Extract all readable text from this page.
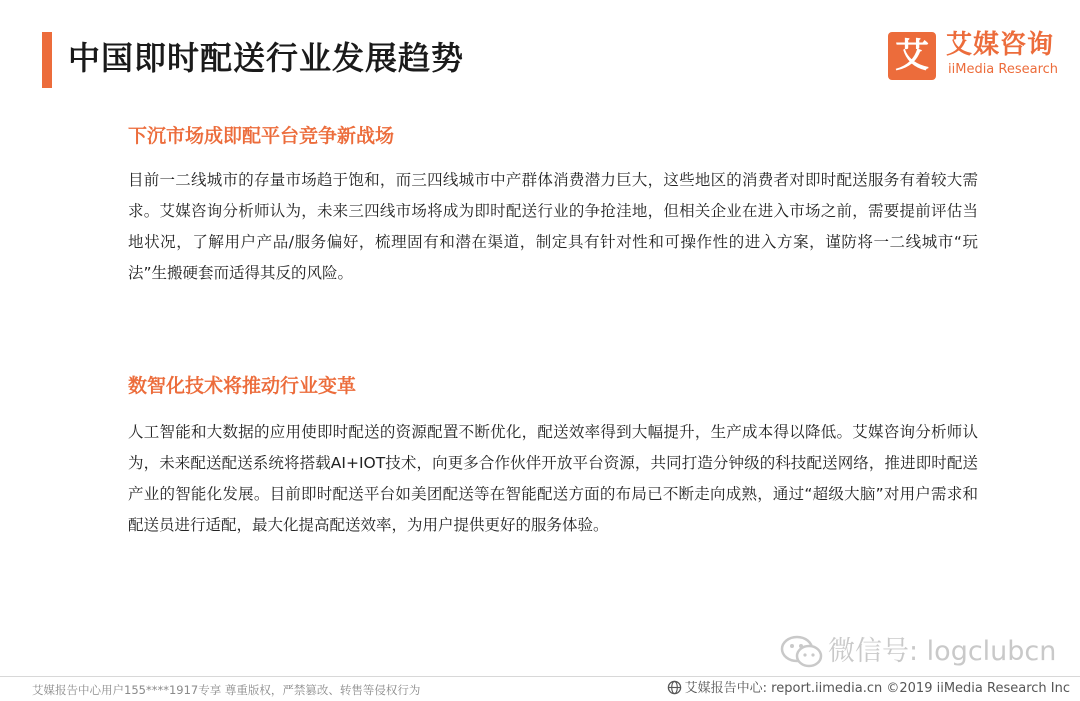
中国即时配送行业发展趋势	艾 艾媒咨询
iiMedia Research
下沉市场成即配平台竞争新战场
目前一二线城市的存量市场趋于饱和，而三四线城市中产群体消费潜力巨大，这些地区的消费者对即时配送服务有着较大需求。艾媒咨询分析师认为，未来三四线市场将成为即时配送行业的争抢洼地，但相关企业在进入市场之前，需要提前评估当地状况，了解用户产品/服务偏好，梳理固有和潜在渠道，制定具有针对性和可操作性的进入方案，谨防将一二线城市“玩法”生搬硬套而适得其反的风险。
数智化技术将推动行业变革
人工智能和大数据的应用使即时配送的资源配置不断优化，配送效率得到大幅提升，生产成本得以降低。艾媒咨询分析师认为，未来配送配送系统将搭载AI+IOT技术，向更多合作伙伴开放平台资源，共同打造分钟级的科技配送网络，推进即时配送产业的智能化发展。目前即时配送平台如美团配送等在智能配送方面的布局已不断走向成熟，通过“超级大脑”对用户需求和配送员进行适配，最大化提高配送效率，为用户提供更好的服务体验。
微信号: logclubcn
艾媒报告中心用户155****1917专享 尊重版权，严禁篡改、转售等侵权行为	艾媒报告中心: report.iimedia.cn ©2019 iiMedia Research Inc
